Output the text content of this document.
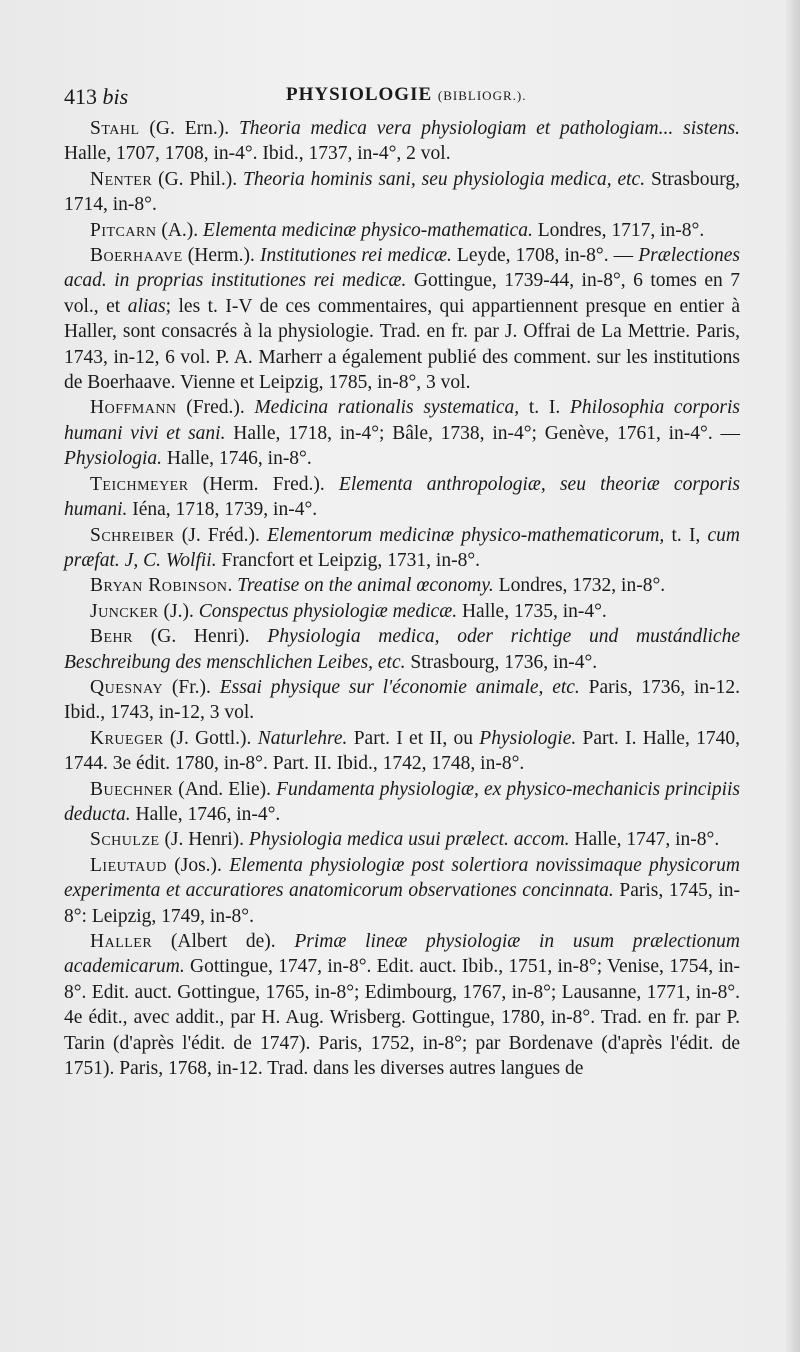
413 bis	PHYSIOLOGIE (BIBLIOGR.).

Stahl (G. Ern.). Theoria medica vera physiologiam et pathologiam... sistens. Halle, 1707, 1708, in-4°. Ibid., 1737, in-4°, 2 vol.

Nenter (G. Phil.). Theoria hominis sani, seu physiologia medica, etc. Strasbourg, 1714, in-8°.

Pitcarn (A.). Elementa medicinæ physico-mathematica. Londres, 1717, in-8°.

Boerhaave (Herm.). Institutiones rei medicæ. Leyde, 1708, in-8°. — Prælectiones acad. in proprias institutiones rei medicæ. Gottingue, 1739-44, in-8°, 6 tomes en 7 vol., et alias; les t. I-V de ces commentaires, qui appartiennent presque en entier à Haller, sont consacrés à la physiologie. Trad. en fr. par J. Offrai de La Mettrie. Paris, 1743, in-12, 6 vol. P. A. Marherr a également publié des comment. sur les institutions de Boerhaave. Vienne et Leipzig, 1785, in-8°, 3 vol.

Hoffmann (Fred.). Medicina rationalis systematica, t. I. Philosophia corporis humani vivi et sani. Halle, 1718, in-4°; Bâle, 1738, in-4°; Genève, 1761, in-4°. — Physiologia. Halle, 1746, in-8°.

Teichmeyer (Herm. Fred.). Elementa anthropologiæ, seu theoriæ corporis humani. Iéna, 1718, 1739, in-4°.

Schreiber (J. Fréd.). Elementorum medicinæ physico-mathematicorum, t. I, cum præfat. J, C. Wolfii. Francfort et Leipzig, 1731, in-8°.

Bryan Robinson. Treatise on the animal œconomy. Londres, 1732, in-8°.

Juncker (J.). Conspectus physiologiæ medicæ. Halle, 1735, in-4°.

Behr (G. Henri). Physiologia medica, oder richtige und mustándliche Beschreibung des menschlichen Leibes, etc. Strasbourg, 1736, in-4°.

Quesnay (Fr.). Essai physique sur l'économie animale, etc. Paris, 1736, in-12. Ibid., 1743, in-12, 3 vol.

Krueger (J. Gottl.). Naturlehre. Part. I et II, ou Physiologie. Part. I. Halle, 1740, 1744. 3e édit. 1780, in-8°. Part. II. Ibid., 1742, 1748, in-8°.

Buechner (And. Elie). Fundamenta physiologiæ, ex physico-mechanicis principiis deducta. Halle, 1746, in-4°.

Schulze (J. Henri). Physiologia medica usui prælect. accom. Halle, 1747, in-8°.

Lieutaud (Jos.). Elementa physiologiæ post solertiora novissimaque physicorum experimenta et accuratiores anatomicorum observationes concinnata. Paris, 1745, in-8°: Leipzig, 1749, in-8°.

Haller (Albert de). Primæ lineæ physiologiæ in usum prælectionum academicarum. Gottingue, 1747, in-8°. Edit. auct. Ibib., 1751, in-8°; Venise, 1754, in-8°. Edit. auct. Gottingue, 1765, in-8°; Edimbourg, 1767, in-8°; Lausanne, 1771, in-8°. 4e édit., avec addit., par H. Aug. Wrisberg. Gottingue, 1780, in-8°. Trad. en fr. par P. Tarin (d'après l'édit. de 1747). Paris, 1752, in-8°; par Bordenave (d'après l'édit. de 1751). Paris, 1768, in-12. Trad. dans les diverses autres langues de
